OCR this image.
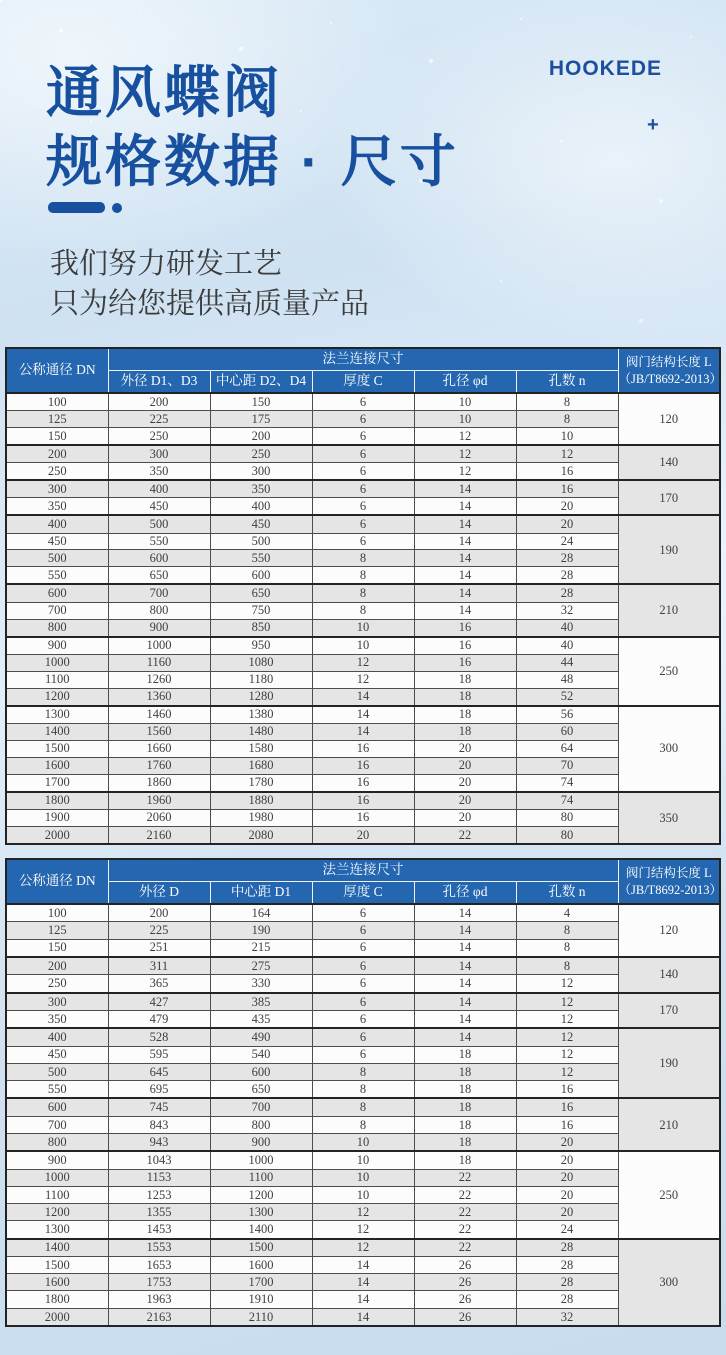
HOOKEDE
+
通风蝶阀
规格数据 · 尺寸
我们努力研发工艺
只为给您提供高质量产品
公称通径 DN	法兰连接尺寸					阀门结构长度 L
（JB/T8692-2013）

	外径 D1、D3	中心距 D2、D4	厚度 C	孔径 φd	孔数 n	
100	200	150	6	10	8	120
125	225	175	6	10	8	
150	250	200	6	12	10	
200	300	250	6	12	12	140
250	350	300	6	12	16	
300	400	350	6	14	16	170
350	450	400	6	14	20	
400	500	450	6	14	20	190
450	550	500	6	14	24	
500	600	550	8	14	28	
550	650	600	8	14	28	
600	700	650	8	14	28	210
700	800	750	8	14	32	
800	900	850	10	16	40	
900	1000	950	10	16	40	250
1000	1160	1080	12	16	44	
1100	1260	1180	12	18	48	
1200	1360	1280	14	18	52	
1300	1460	1380	14	18	56	300
1400	1560	1480	14	18	60	
1500	1660	1580	16	20	64	
1600	1760	1680	16	20	70	
1700	1860	1780	16	20	74	
1800	1960	1880	16	20	74	350
1900	2060	1980	16	20	80	
2000	2160	2080	20	22	80	
公称通径 DN	法兰连接尺寸					阀门结构长度 L
（JB/T8692-2013）

	外径 D	中心距 D1	厚度 C	孔径 φd	孔数 n	
100	200	164	6	14	4	120
125	225	190	6	14	8	
150	251	215	6	14	8	
200	311	275	6	14	8	140
250	365	330	6	14	12	
300	427	385	6	14	12	170
350	479	435	6	14	12	
400	528	490	6	14	12	190
450	595	540	6	18	12	
500	645	600	8	18	12	
550	695	650	8	18	16	
600	745	700	8	18	16	210
700	843	800	8	18	16	
800	943	900	10	18	20	
900	1043	1000	10	18	20	250
1000	1153	1100	10	22	20	
1100	1253	1200	10	22	20	
1200	1355	1300	12	22	20	
1300	1453	1400	12	22	24	
1400	1553	1500	12	22	28	300
1500	1653	1600	14	26	28	
1600	1753	1700	14	26	28	
1800	1963	1910	14	26	28	
2000	2163	2110	14	26	32	
